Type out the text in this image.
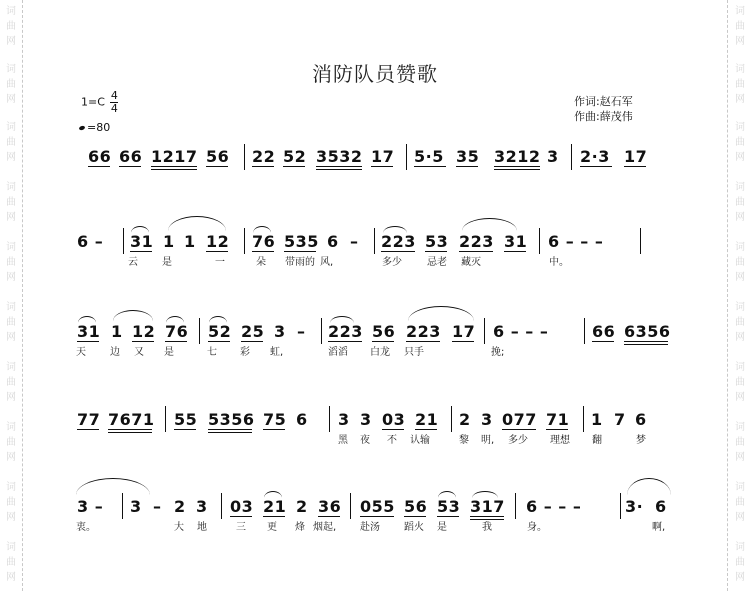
词
曲
网
词
曲
网
词
曲
网
词
曲
网
词
曲
网
词
曲
网
词
曲
网
词
曲
网
词
曲
网
词
曲
网
词
曲
网
词
曲
网
词
曲
网
词
曲
网
词
曲
网
词
曲
网
词
曲
网
词
曲
网
词
曲
网
词
曲
网
消防队员赞歌
$1=C \frac{4}{4}$
=80
作词:赵石军
作曲:薛茂伟
66 66 1217 56 22 52 3532 17 5·5 35 3212 3 2·3 17
6 – 31 1 1 12 76 535 6 – 223 53 223 31 6 – – –
云 是	一	朵 带雨的 风,	多少	忌老 藏灭	中。
31 1 12 76 52 25 3 – 223 56 223 17 6 – – –	66 6356
天 边 又 是	七 彩 虹,	滔滔 白龙 只手	挽;
77 7671 55 5356 75 6 3 3 03 21 2 3 077 71 1 7 6
黑 夜 不 认输	黎 明, 多少 理想 翻	梦
3 – 3 – 2 3 03 21 2 36 055 56 53 317 6 – – –	3· 6
衷。	大 地	三 更 烽 烟起, 赴汤 蹈火 是	我	身。	啊,
